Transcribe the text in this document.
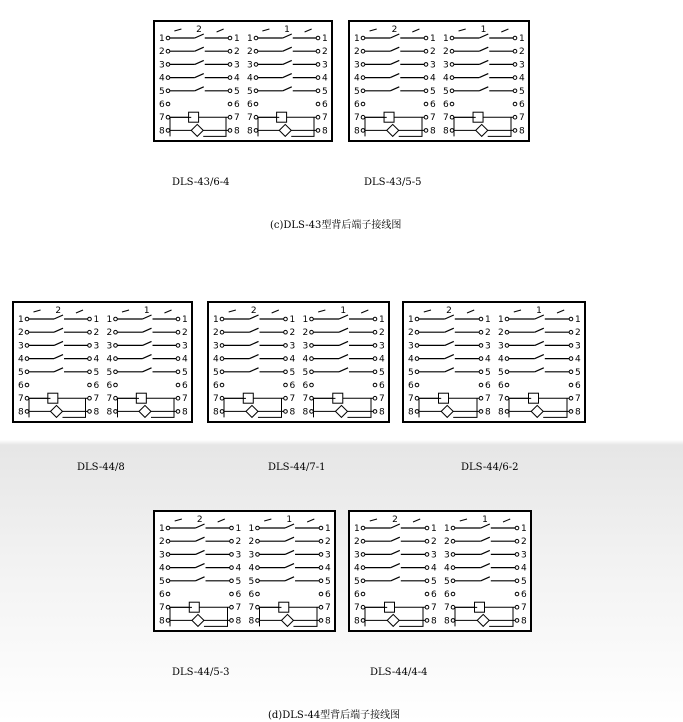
2
1	1
2	2
3	3
4	4
5	5
6	6
7	7
8	8
1
1	1
2	2
3	3
4	4
5	5
6	6
7	7
8	8
2
1	1
2	2
3	3
4	4
5	5
6	6
7	7
8	8
1
1	1
2	2
3	3
4	4
5	5
6	6
7	7
8	8
DLS-43/6-4	DLS-43/5-5
(c)DLS-43型背后端子接线图
2
1	1
2	2
3	3
4	4
5	5
6	6
7	7
8	8
1
1	1
2	2
3	3
4	4
5	5
6	6
7	7
8	8
2
1	1
2	2
3	3
4	4
5	5
6	6
7	7
8	8
1
1	1
2	2
3	3
4	4
5	5
6	6
7	7
8	8
2
1	1
2	2
3	3
4	4
5	5
6	6
7	7
8	8
1
1	1
2	2
3	3
4	4
5	5
6	6
7	7
8	8
DLS-44/8	DLS-44/7-1	DLS-44/6-2
2
1	1
2	2
3	3
4	4
5	5
6	6
7	7
8	8
1
1	1
2	2
3	3
4	4
5	5
6	6
7	7
8	8
2
1	1
2	2
3	3
4	4
5	5
6	6
7	7
8	8
1
1	1
2	2
3	3
4	4
5	5
6	6
7	7
8	8
DLS-44/5-3	DLS-44/4-4
(d)DLS-44型背后端子接线图
